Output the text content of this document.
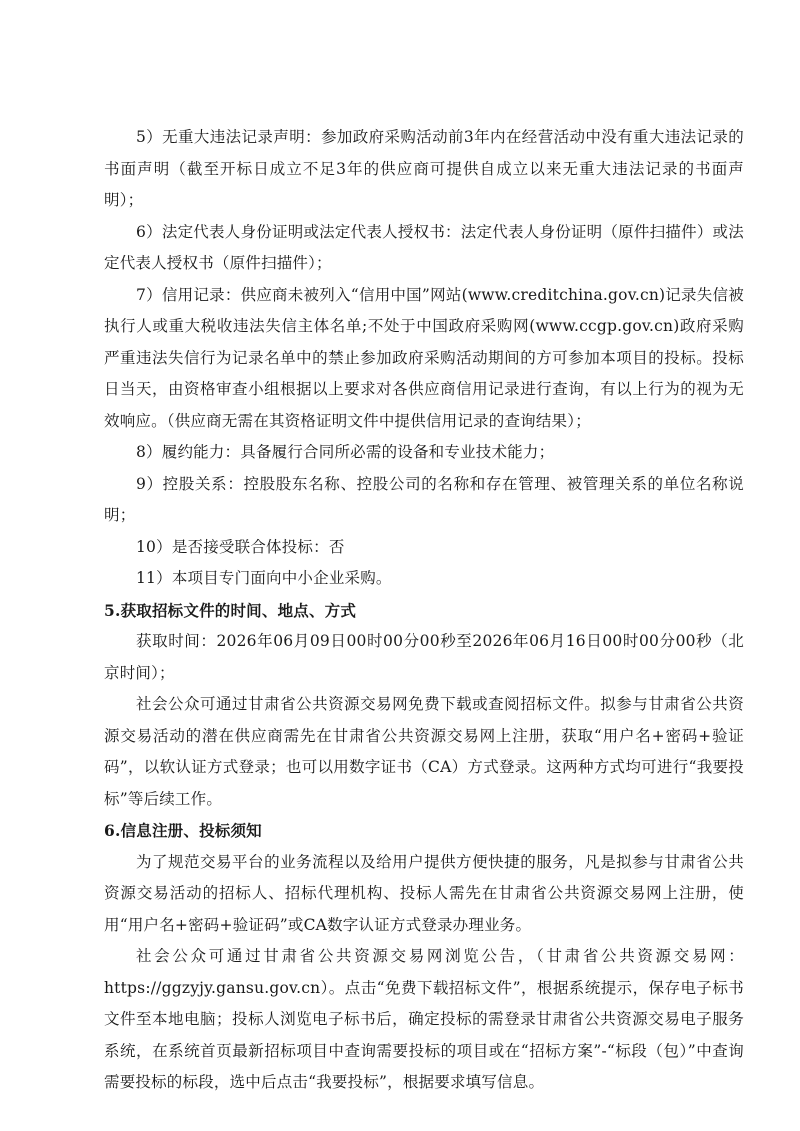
5）无重大违法记录声明：参加政府采购活动前3年内在经营活动中没有重大违法记录的书面声明（截至开标日成立不足3年的供应商可提供自成立以来无重大违法记录的书面声明）；

6）法定代表人身份证明或法定代表人授权书：法定代表人身份证明（原件扫描件）或法定代表人授权书（原件扫描件）；

7）信用记录：供应商未被列入“信用中国”网站(www.creditchina.gov.cn)记录失信被执行人或重大税收违法失信主体名单;不处于中国政府采购网(www.ccgp.gov.cn)政府采购严重违法失信行为记录名单中的禁止参加政府采购活动期间的方可参加本项目的投标。投标日当天，由资格审查小组根据以上要求对各供应商信用记录进行查询，有以上行为的视为无效响应。（供应商无需在其资格证明文件中提供信用记录的查询结果）；

8）履约能力：具备履行合同所必需的设备和专业技术能力；

9）控股关系：控股股东名称、控股公司的名称和存在管理、被管理关系的单位名称说明；

10）是否接受联合体投标：否

11）本项目专门面向中小企业采购。

5.获取招标文件的时间、地点、方式

获取时间：2026年06月09日00时00分00秒至2026年06月16日00时00分00秒（北京时间）；

社会公众可通过甘肃省公共资源交易网免费下载或查阅招标文件。拟参与甘肃省公共资源交易活动的潜在供应商需先在甘肃省公共资源交易网上注册，获取“用户名+密码+验证码”，以软认证方式登录；也可以用数字证书（CA）方式登录。这两种方式均可进行“我要投标”等后续工作。

6.信息注册、投标须知

为了规范交易平台的业务流程以及给用户提供方便快捷的服务，凡是拟参与甘肃省公共资源交易活动的招标人、招标代理机构、投标人需先在甘肃省公共资源交易网上注册，使用“用户名+密码+验证码”或CA数字认证方式登录办理业务。

社会公众可通过甘肃省公共资源交易网浏览公告，（甘肃省公共资源交易网：https://ggzyjy.gansu.gov.cn）。点击“免费下载招标文件”，根据系统提示，保存电子标书文件至本地电脑；投标人浏览电子标书后，确定投标的需登录甘肃省公共资源交易电子服务系统，在系统首页最新招标项目中查询需要投标的项目或在“招标方案”-“标段（包）”中查询需要投标的标段，选中后点击“我要投标”，根据要求填写信息。
